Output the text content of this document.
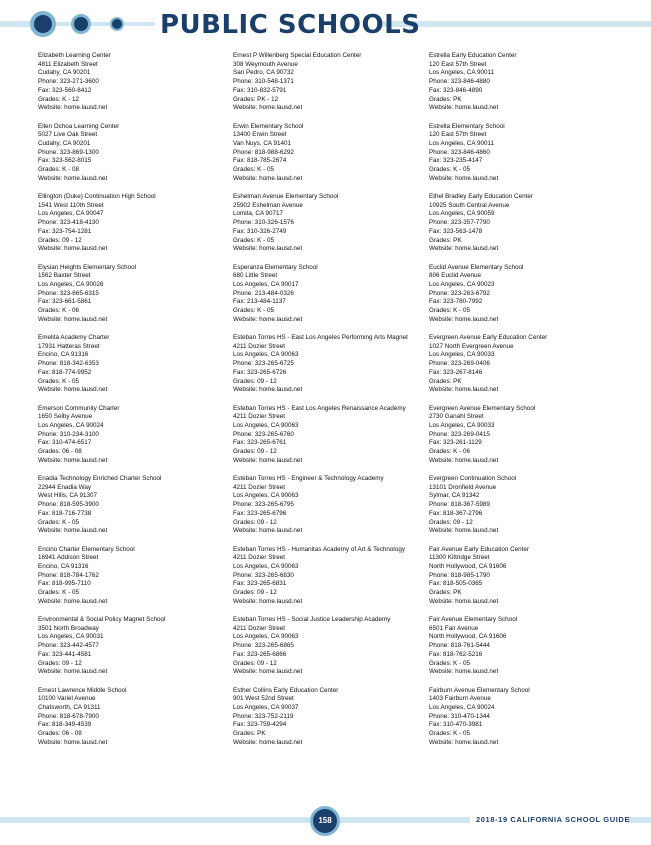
PUBLIC SCHOOLS
Elizabeth Learning Center
4811 Elizabeth Street
Cudahy, CA 90201
Phone: 323-271-3600
Fax: 323-560-8412
Grades: K - 12
Website: home.lausd.net
Ellen Ochoa Learning Center
5027 Live Oak Street
Cudahy, CA 90201
Phone: 323-869-1300
Fax: 323-562-8015
Grades: K - 08
Website: home.lausd.net
Ellington (Duke) Continuation High School
1541 West 110th Street
Los Angeles, CA 90047
Phone: 323-418-4130
Fax: 323-754-1281
Grades: 09 - 12
Website: home.lausd.net
Elysian Heights Elementary School
1562 Baxter Street
Los Angeles, CA 90026
Phone: 323-665-6315
Fax: 323-661-5861
Grades: K - 06
Website: home.lausd.net
Emelita Academy Charter
17931 Hatteras Street
Encino, CA 91316
Phone: 818-342-6353
Fax: 818-774-9952
Grades: K - 05
Website: home.lausd.net
Emerson Community Charter
1650 Selby Avenue
Los Angeles, CA 90024
Phone: 310-234-3100
Fax: 310-474-6517
Grades: 06 - 08
Website: home.lausd.net
Enadia Technology Enriched Charter School
22944 Enadia Way
West Hills, CA 91307
Phone: 818-595-3900
Fax: 818-716-7738
Grades: K - 05
Website: home.lausd.net
Encino Charter Elementary School
16941 Addison Street
Encino, CA 91316
Phone: 818-784-1762
Fax: 818-995-7110
Grades: K - 05
Website: home.lausd.net
Environmental & Social Policy Magnet School
3501 North Broadway
Los Angeles, CA 90031
Phone: 323-442-4577
Fax: 323-441-4581
Grades: 09 - 12
Website: home.lausd.net
Ernest Lawrence Middle School
10100 Variel Avenue
Chatsworth, CA 91311
Phone: 818-678-7900
Fax: 818-349-4539
Grades: 06 - 08
Website: home.lausd.net
Ernest P Willenberg Special Education Center
308 Weymouth Avenue
San Pedro, CA 90732
Phone: 310-548-1371
Fax: 310-832-5791
Grades: PK - 12
Website: home.lausd.net
Erwin Elementary School
13400 Erwin Street
Van Nuys, CA 91401
Phone: 818-988-6292
Fax: 818-785-2674
Grades: K - 05
Website: home.lausd.net
Eshelman Avenue Elementary School
25902 Eshelman Avenue
Lomita, CA 90717
Phone: 310-326-1576
Fax: 310-326-2749
Grades: K - 05
Website: home.lausd.net
Esperanza Elementary School
680 Little Street
Los Angeles, CA 90017
Phone: 213-484-0326
Fax: 213-484-1137
Grades: K - 05
Website: home.lausd.net
Esteban Torres HS - East Los Angeles Performing Arts Magnet
4211 Dozier Street
Los Angeles, CA 90063
Phone: 323-265-6725
Fax: 323-265-6726
Grades: 09 - 12
Website: home.lausd.net
Esteban Torres HS - East Los Angeles Renaissance Academy
4211 Dozier Street
Los Angeles, CA 90063
Phone: 323-265-6760
Fax: 323-265-6761
Grades: 09 - 12
Website: home.lausd.net
Esteban Torres HS - Engineer & Technology Academy
4211 Dozier Street
Los Angeles, CA 90063
Phone: 323-265-6795
Fax: 323-265-6796
Grades: 09 - 12
Website: home.lausd.net
Esteban Torres HS - Humanitas Academy of Art & Technology
4211 Dozier Street
Los Angeles, CA 90063
Phone: 323-265-6830
Fax: 323-265-6831
Grades: 09 - 12
Website: home.lausd.net
Esteban Torres HS - Social Justice Leadership Academy
4211 Dozier Street
Los Angeles, CA 90063
Phone: 323-265-6865
Fax: 323-265-6866
Grades: 09 - 12
Website: home.lausd.net
Esther Collins Early Education Center
901 West 52nd Street
Los Angeles, CA 90037
Phone: 323-752-2119
Fax: 323-759-4294
Grades: PK
Website: home.lausd.net
Estrella Early Education Center
120 East 57th Street
Los Angeles, CA 90011
Phone: 323-846-4880
Fax: 323-846-4890
Grades: PK
Website: home.lausd.net
Estrella Elementary School
120 East 57th Street
Los Angeles, CA 90011
Phone: 323-846-4860
Fax: 323-235-4147
Grades: K - 05
Website: home.lausd.net
Ethel Bradley Early Education Center
10925 South Central Avenue
Los Angeles, CA 90059
Phone: 323-357-7790
Fax: 323-563-1478
Grades: PK
Website: home.lausd.net
Euclid Avenue Elementary School
806 Euclid Avenue
Los Angeles, CA 90023
Phone: 323-263-6792
Fax: 323-780-7992
Grades: K - 05
Website: home.lausd.net
Evergreen Avenue Early Education Center
1027 North Evergreen Avenue
Los Angeles, CA 90033
Phone: 323-269-0406
Fax: 323-267-8146
Grades: PK
Website: home.lausd.net
Evergreen Avenue Elementary School
2730 Ganahl Street
Los Angeles, CA 90033
Phone: 323-269-0415
Fax: 323-261-1129
Grades: K - 06
Website: home.lausd.net
Evergreen Continuation School
13101 Dronfield Avenue
Sylmar, CA 91342
Phone: 818-367-5989
Fax: 818-367-2796
Grades: 09 - 12
Website: home.lausd.net
Fair Avenue Early Education Center
11300 Kittridge Street
North Hollywood, CA 91606
Phone: 818-985-1790
Fax: 818-505-0365
Grades: PK
Website: home.lausd.net
Fair Avenue Elementary School
6501 Fair Avenue
North Hollywood, CA 91606
Phone: 818-761-5444
Fax: 818-762-5216
Grades: K - 05
Website: home.lausd.net
Fairburn Avenue Elementary School
1403 Fairburn Avenue
Los Angeles, CA 90024
Phone: 310-470-1344
Fax: 310-470-3981
Grades: K - 05
Website: home.lausd.net
158	2018-19 CALIFORNIA SCHOOL GUIDE
